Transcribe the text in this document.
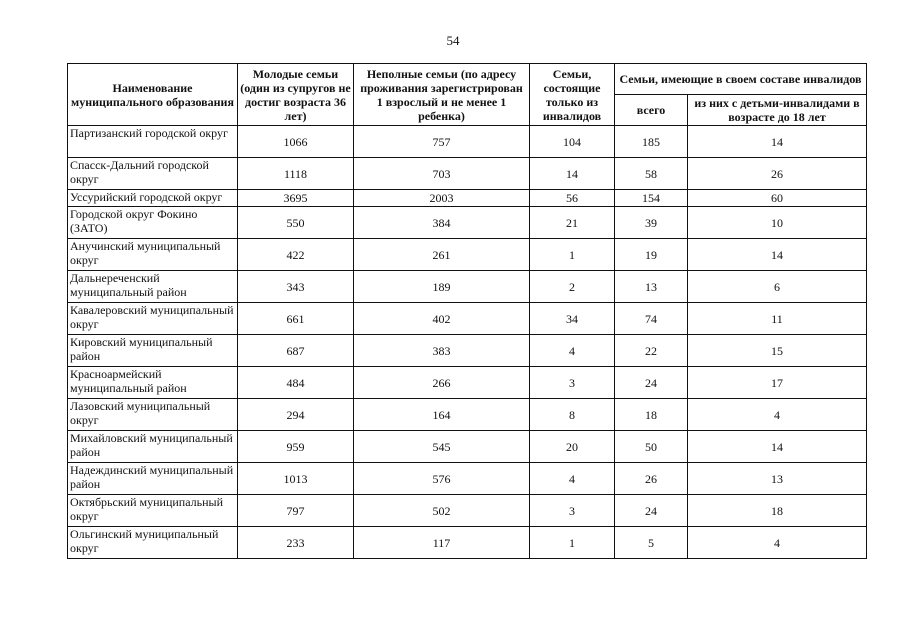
54
Наименование муниципального образования	Молодые семьи (один из супругов не достиг возраста 36 лет)	Неполные семьи (по адресу проживания зарегистрирован 1 взрослый и не менее 1 ребенка)	Семьи, состоящие только из инвалидов	Семьи, имеющие в своем составе инвалидов	
				всего	из них с детьми-инвалидами в возрасте до 18 лет
Партизанский городской округ	1066	757	104	185	14
Спасск-Дальний городской округ	1118	703	14	58	26
Уссурийский городской округ	3695	2003	56	154	60
Городской округ Фокино (ЗАТО)	550	384	21	39	10
Анучинский муниципальный округ	422	261	1	19	14
Дальнереченский муниципальный район	343	189	2	13	6
Кавалеровский муниципальный округ	661	402	34	74	11
Кировский муниципальный район	687	383	4	22	15
Красноармейский муниципальный район	484	266	3	24	17
Лазовский муниципальный округ	294	164	8	18	4
Михайловский муниципальный район	959	545	20	50	14
Надеждинский муниципальный район	1013	576	4	26	13
Октябрьский муниципальный округ	797	502	3	24	18
Ольгинский муниципальный округ	233	117	1	5	4
